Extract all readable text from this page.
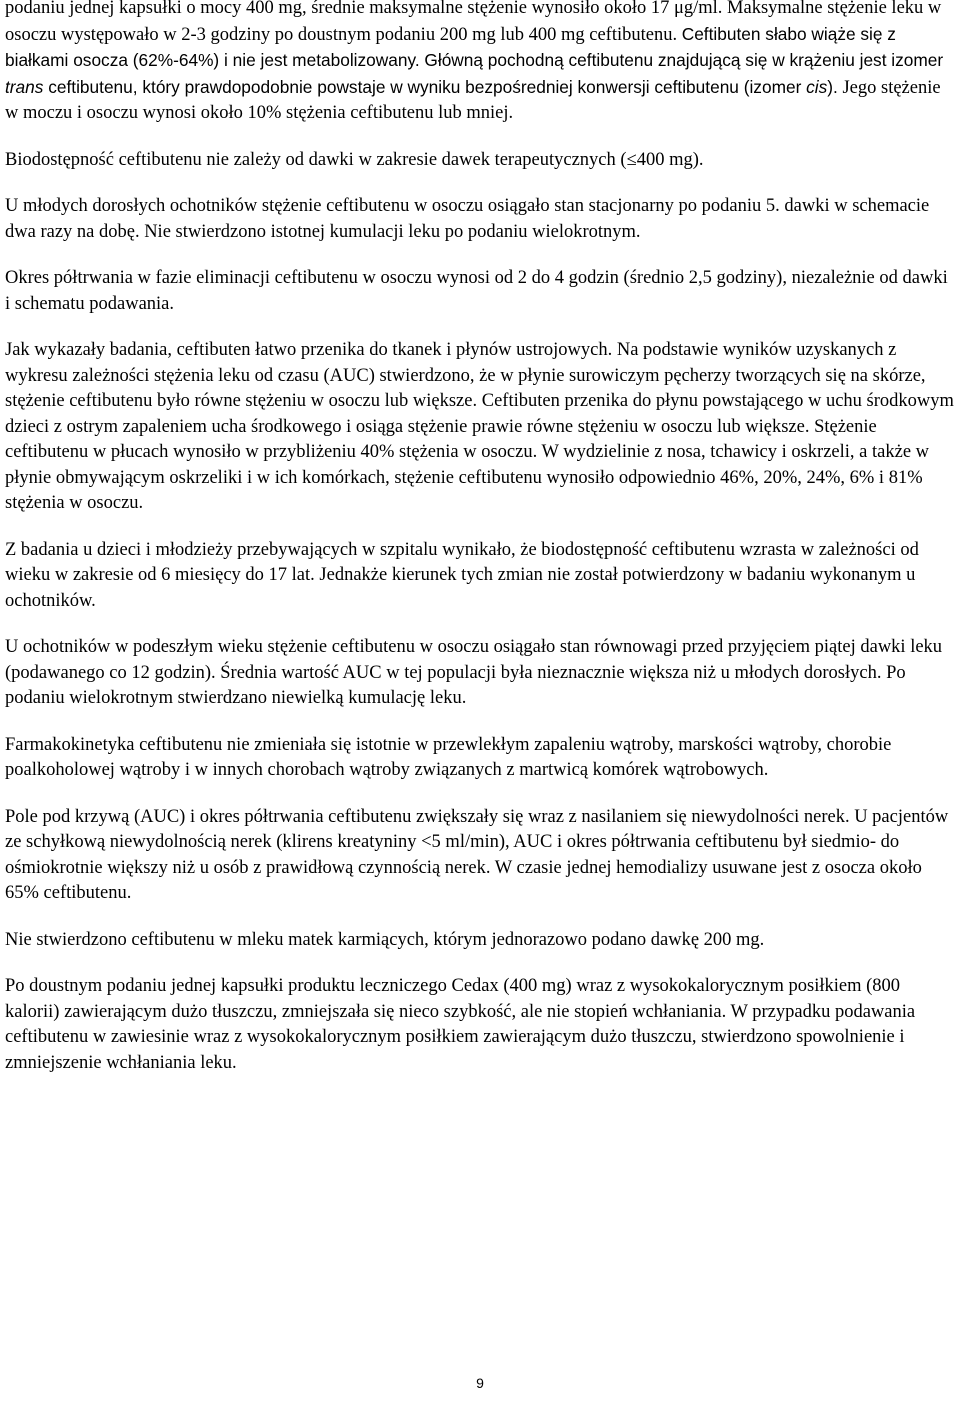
podaniu jednej kapsułki o mocy 400 mg, średnie maksymalne stężenie wynosiło około 17 μg/ml. Maksymalne stężenie leku w osoczu występowało w 2-3 godziny po doustnym podaniu 200 mg lub 400 mg ceftibutenu. Ceftibuten słabo wiąże się z białkami osocza (62%-64%) i nie jest metabolizowany. Główną pochodną ceftibutenu znajdującą się w krążeniu jest izomer trans ceftibutenu, który prawdopodobnie powstaje w wyniku bezpośredniej konwersji ceftibutenu (izomer cis). Jego stężenie w moczu i osoczu wynosi około 10% stężenia ceftibutenu lub mniej.

Biodostępność ceftibutenu nie zależy od dawki w zakresie dawek terapeutycznych (≤400 mg).

U młodych dorosłych ochotników stężenie ceftibutenu w osoczu osiągało stan stacjonarny po podaniu 5. dawki w schemacie dwa razy na dobę. Nie stwierdzono istotnej kumulacji leku po podaniu wielokrotnym.

Okres półtrwania w fazie eliminacji ceftibutenu w osoczu wynosi od 2 do 4 godzin (średnio 2,5 godziny), niezależnie od dawki i schematu podawania.

Jak wykazały badania, ceftibuten łatwo przenika do tkanek i płynów ustrojowych. Na podstawie wyników uzyskanych z wykresu zależności stężenia leku od czasu (AUC) stwierdzono, że w płynie surowiczym pęcherzy tworzących się na skórze, stężenie ceftibutenu było równe stężeniu w osoczu lub większe. Ceftibuten przenika do płynu powstającego w uchu środkowym dzieci z ostrym zapaleniem ucha środkowego i osiąga stężenie prawie równe stężeniu w osoczu lub większe. Stężenie ceftibutenu w płucach wynosiło w przybliżeniu 40% stężenia w osoczu. W wydzielinie z nosa, tchawicy i oskrzeli, a także w płynie obmywającym oskrzeliki i w ich komórkach, stężenie ceftibutenu wynosiło odpowiednio 46%, 20%, 24%, 6% i 81% stężenia w osoczu.

Z badania u dzieci i młodzieży przebywających w szpitalu wynikało, że biodostępność ceftibutenu wzrasta w zależności od wieku w zakresie od 6 miesięcy do 17 lat. Jednakże kierunek tych zmian nie został potwierdzony w badaniu wykonanym u ochotników.

U ochotników w podeszłym wieku stężenie ceftibutenu w osoczu osiągało stan równowagi przed przyjęciem piątej dawki leku (podawanego co 12 godzin). Średnia wartość AUC w tej populacji była nieznacznie większa niż u młodych dorosłych. Po podaniu wielokrotnym stwierdzano niewielką kumulację leku.

Farmakokinetyka ceftibutenu nie zmieniała się istotnie w przewlekłym zapaleniu wątroby, marskości wątroby, chorobie poalkoholowej wątroby i w innych chorobach wątroby związanych z martwicą komórek wątrobowych.

Pole pod krzywą (AUC) i okres półtrwania ceftibutenu zwiększały się wraz z nasilaniem się niewydolności nerek. U pacjentów ze schyłkową niewydolnością nerek (klirens kreatyniny <5 ml/min), AUC i okres półtrwania ceftibutenu był siedmio- do ośmiokrotnie większy niż u osób z prawidłową czynnością nerek. W czasie jednej hemodializy usuwane jest z osocza około 65% ceftibutenu.

Nie stwierdzono ceftibutenu w mleku matek karmiących, którym jednorazowo podano dawkę 200 mg.

Po doustnym podaniu jednej kapsułki produktu leczniczego Cedax (400 mg) wraz z wysokokalorycznym posiłkiem (800 kalorii) zawierającym dużo tłuszczu, zmniejszała się nieco szybkość, ale nie stopień wchłaniania. W przypadku podawania ceftibutenu w zawiesinie wraz z wysokokalorycznym posiłkiem zawierającym dużo tłuszczu, stwierdzono spowolnienie i zmniejszenie wchłaniania leku.

9
